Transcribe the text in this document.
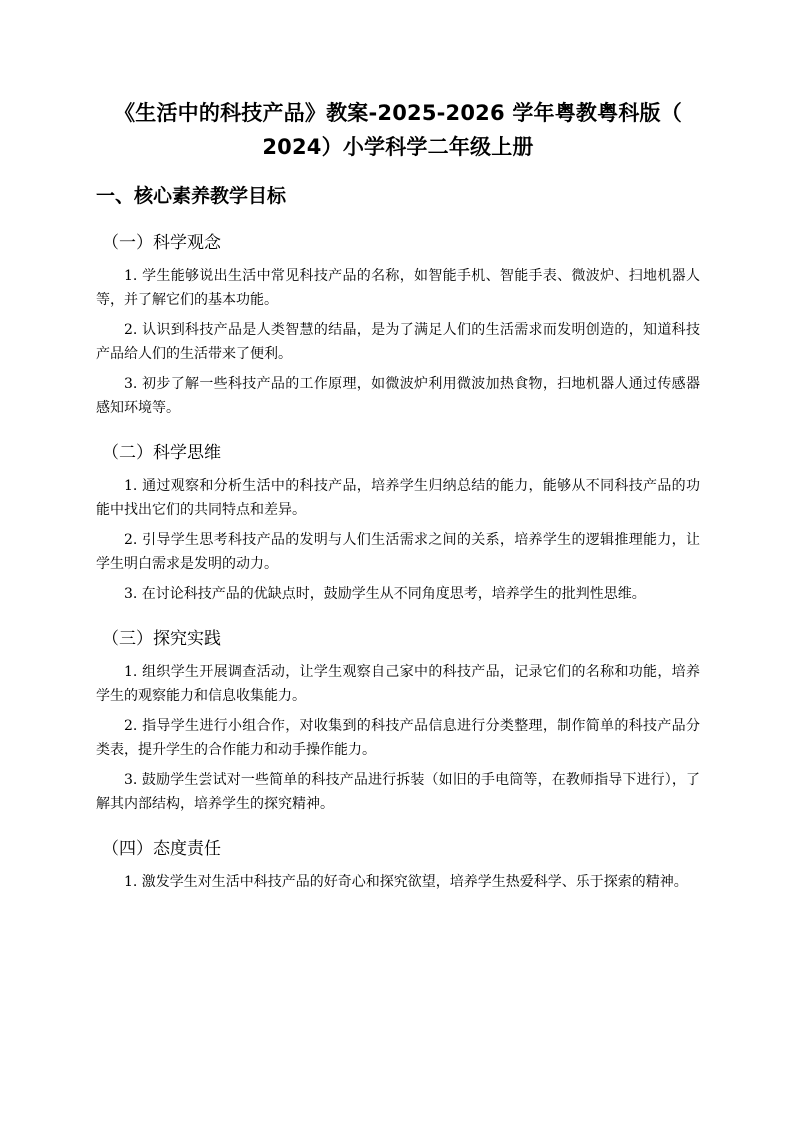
《生活中的科技产品》教案-2025-2026 学年粤教粤科版（
2024）小学科学二年级上册
一、核心素养教学目标
（一）科学观念

1. 学生能够说出生活中常见科技产品的名称，如智能手机、智能手表、微波炉、扫地机器人等，并了解它们的基本功能。

2. 认识到科技产品是人类智慧的结晶，是为了满足人们的生活需求而发明创造的，知道科技产品给人们的生活带来了便利。

3. 初步了解一些科技产品的工作原理，如微波炉利用微波加热食物，扫地机器人通过传感器感知环境等。

（二）科学思维

1. 通过观察和分析生活中的科技产品，培养学生归纳总结的能力，能够从不同科技产品的功能中找出它们的共同特点和差异。

2. 引导学生思考科技产品的发明与人们生活需求之间的关系，培养学生的逻辑推理能力，让学生明白需求是发明的动力。

3. 在讨论科技产品的优缺点时，鼓励学生从不同角度思考，培养学生的批判性思维。

（三）探究实践

1. 组织学生开展调查活动，让学生观察自己家中的科技产品，记录它们的名称和功能，培养学生的观察能力和信息收集能力。

2. 指导学生进行小组合作，对收集到的科技产品信息进行分类整理，制作简单的科技产品分类表，提升学生的合作能力和动手操作能力。

3. 鼓励学生尝试对一些简单的科技产品进行拆装（如旧的手电筒等，在教师指导下进行），了解其内部结构，培养学生的探究精神。

（四）态度责任

1. 激发学生对生活中科技产品的好奇心和探究欲望，培养学生热爱科学、乐于探索的精神。
